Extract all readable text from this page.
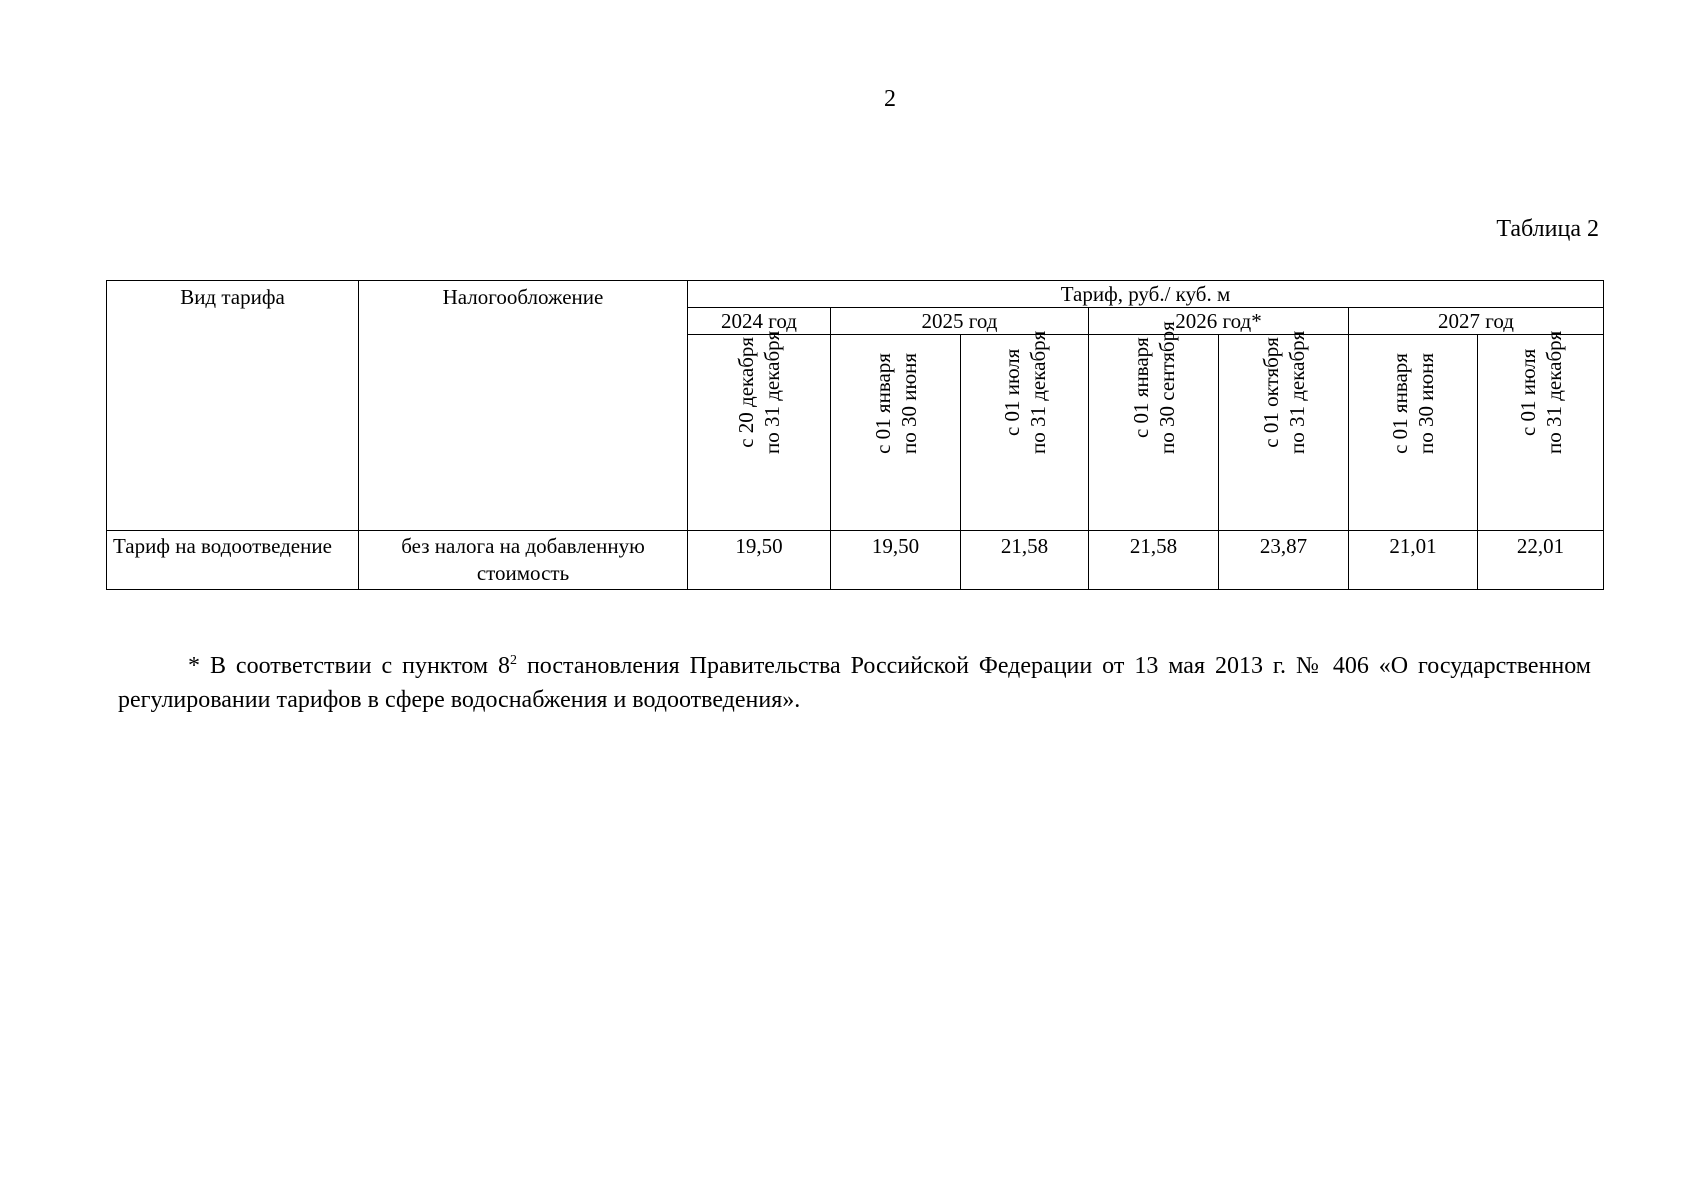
2
Таблица 2
Вид тарифа	Налогообложение	Тариф, руб./ куб. м						
		2024 год	2025 год		2026 год*		2027 год	

		с 20 декабря по 31 декабря	с 01 января по 30 июня	с 01 июля по 31 декабря	с 01 января по 30 сентября	с 01 октября по 31 декабря	с 01 января по 30 июня	с 01 июля по 31 декабря

Тариф на водоотведение	без налога на добавленную стоимость	19,50	19,50	21,58	21,58	23,87	21,01	22,01

* В соответствии с пунктом $8^2$ постановления Правительства Российской Федерации от 13 мая 2013 г. № 406 «О государственном регулировании тарифов в сфере водоснабжения и водоотведения».
